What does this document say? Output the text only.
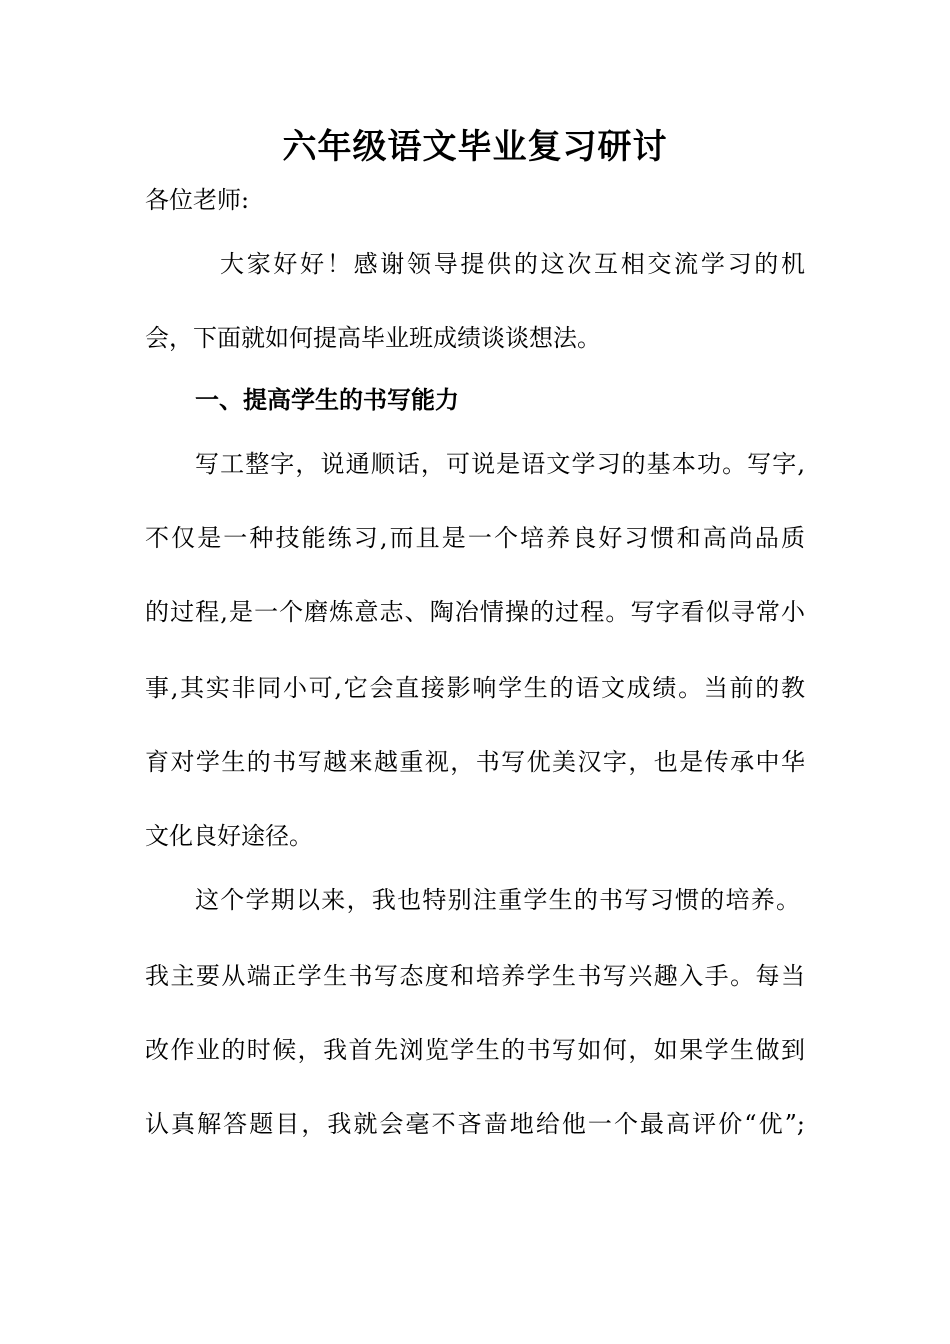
六年级语文毕业复习研讨
各位老师:
大家好好！感谢领导提供的这次互相交流学习的机
会，下面就如何提高毕业班成绩谈谈想法。
一、提高学生的书写能力
写工整字，说通顺话，可说是语文学习的基本功。写字,
不仅是一种技能练习,而且是一个培养良好习惯和高尚品质
的过程,是一个磨炼意志、陶冶情操的过程。写字看似寻常小
事,其实非同小可,它会直接影响学生的语文成绩。当前的教
育对学生的书写越来越重视，书写优美汉字，也是传承中华
文化良好途径。
这个学期以来，我也特别注重学生的书写习惯的培养。
我主要从端正学生书写态度和培养学生书写兴趣入手。每当
改作业的时候，我首先浏览学生的书写如何，如果学生做到
认真解答题目，我就会毫不吝啬地给他一个最高评价“优”;
